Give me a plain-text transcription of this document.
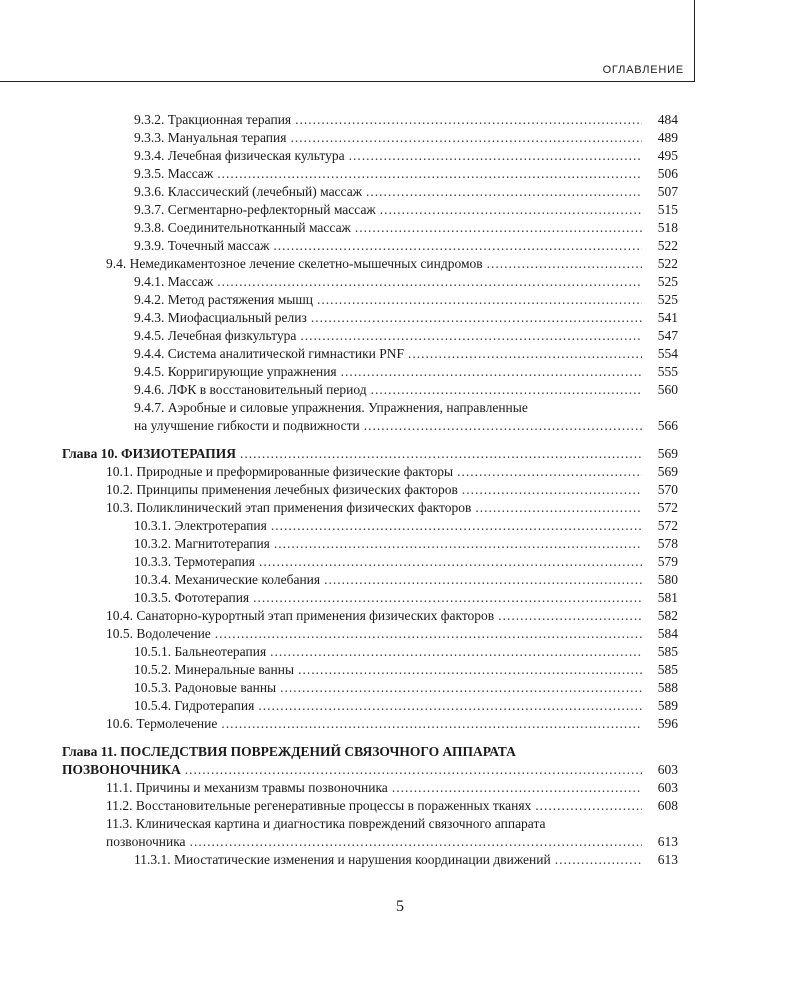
ОГЛАВЛЕНИЕ
9.3.2. Тракционная терапия .....	484
9.3.3. Мануальная терапия .....	489
9.3.4. Лечебная физическая культура .....	495
9.3.5. Массаж .....	506
9.3.6. Классический (лечебный) массаж .....	507
9.3.7. Сегментарно-рефлекторный массаж .....	515
9.3.8. Соединительнотканный массаж .....	518
9.3.9. Точечный массаж .....	522
9.4. Немедикаментозное лечение скелетно-мышечных синдромов .....	522
9.4.1. Массаж .....	525
9.4.2. Метод растяжения мышц .....	525
9.4.3. Миофасциальный релиз .....	541
9.4.5. Лечебная физкультура .....	547
9.4.4. Система аналитической гимнастики PNF .....	554
9.4.5. Корригирующие упражнения .....	555
9.4.6. ЛФК в восстановительный период .....	560
9.4.7. Аэробные и силовые упражнения. Упражнения, направленные
на улучшение гибкости и подвижности .....	566
Глава 10. ФИЗИОТЕРАПИЯ .....	569
10.1. Природные и преформированные физические факторы .....	569
10.2. Принципы применения лечебных физических факторов .....	570
10.3. Поликлинический этап применения физических факторов .....	572
10.3.1. Электротерапия .....	572
10.3.2. Магнитотерапия .....	578
10.3.3. Термотерапия .....	579
10.3.4. Механические колебания .....	580
10.3.5. Фототерапия .....	581
10.4. Санаторно-курортный этап применения физических факторов .....	582
10.5. Водолечение .....	584
10.5.1. Бальнеотерапия .....	585
10.5.2. Минеральные ванны .....	585
10.5.3. Радоновые ванны .....	588
10.5.4. Гидротерапия .....	589
10.6. Термолечение .....	596
Глава 11. ПОСЛЕДСТВИЯ ПОВРЕЖДЕНИЙ СВЯЗОЧНОГО АППАРАТА
ПОЗВОНОЧНИКА .....	603
11.1. Причины и механизм травмы позвоночника .....	603
11.2. Восстановительные регенеративные процессы в пораженных тканях .....	608
11.3. Клиническая картина и диагностика повреждений связочного аппарата
позвоночника .....	613
11.3.1. Миостатические изменения и нарушения координации движений .....	613
5
